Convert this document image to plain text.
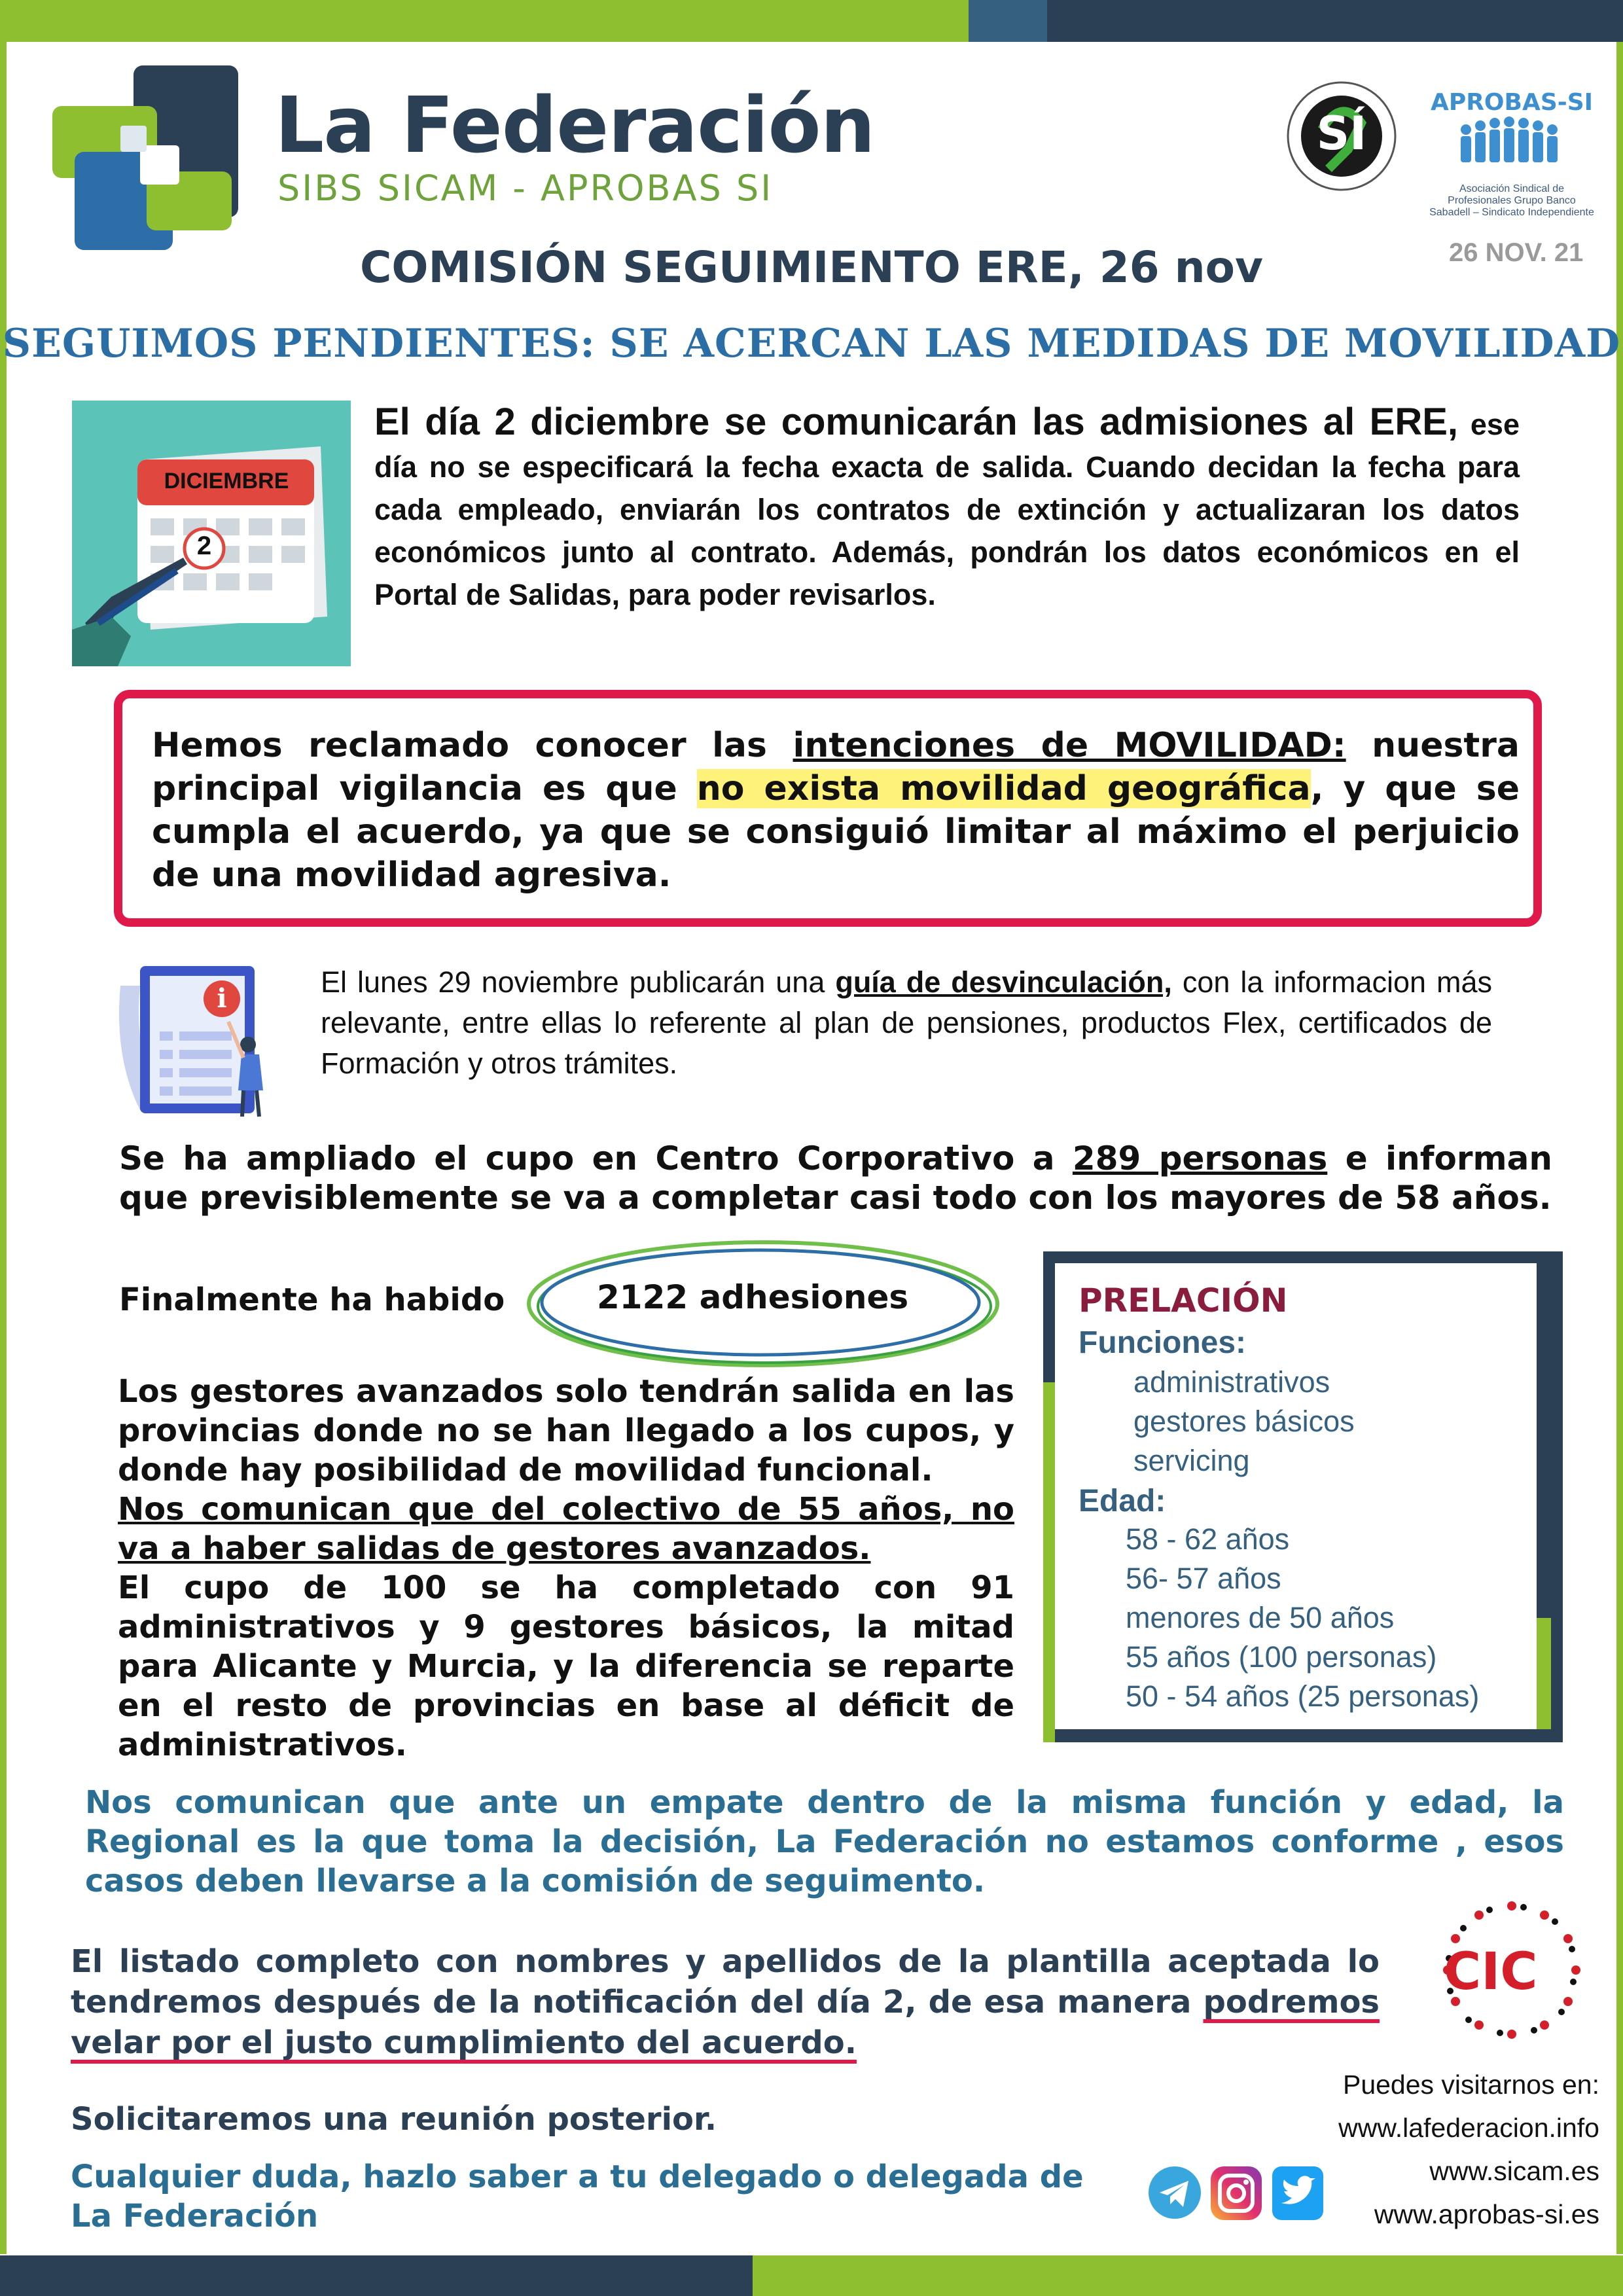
La Federación
SIBS SICAM - APROBAS SI
SÍ
APROBAS-SI
Asociación Sindical de Profesionales Grupo Banco Sabadell – Sindicato Independiente
26 NOV. 21
COMISIÓN SEGUIMIENTO ERE, 26 nov
SEGUIMOS PENDIENTES: SE ACERCAN LAS MEDIDAS DE MOVILIDAD
DICIEMBRE
2
El día 2 diciembre se comunicarán las admisiones al ERE, ese día no se especificará la fecha exacta de salida. Cuando decidan la fecha para cada empleado, enviarán los contratos de extinción y actualizaran los datos económicos junto al contrato. Además, pondrán los datos económicos en el Portal de Salidas, para poder revisarlos.
Hemos reclamado conocer las intenciones de MOVILIDAD: nuestra principal vigilancia es que no exista movilidad geográfica, y que se cumpla el acuerdo, ya que se consiguió limitar al máximo el perjuicio de una movilidad agresiva.
i	El lunes 29 noviembre publicarán una guía de desvinculación, con la informacion más relevante, entre ellas lo referente al plan de pensiones, productos Flex, certificados de Formación y otros trámites.
Se ha ampliado el cupo en Centro Corporativo a 289 personas e informan que previsiblemente se va a completar casi todo con los mayores de 58 años.
Finalmente ha habido	2122 adhesiones
Los gestores avanzados solo tendrán salida en las provincias donde no se han llegado a los cupos, y donde hay posibilidad de movilidad funcional.
Nos comunican que del colectivo de 55 años, no va a haber salidas de gestores avanzados.
El cupo de 100 se ha completado con 91 administrativos y 9 gestores básicos, la mitad para Alicante y Murcia, y la diferencia se reparte en el resto de provincias en base al déficit de administrativos.
PRELACIÓN
Funciones:
administrativos
gestores básicos
servicing
Edad:
58 - 62 años
56- 57 años
menores de 50 años
55 años (100 personas)
50 - 54 años (25 personas)
Nos comunican que ante un empate dentro de la misma función y edad, la Regional es la que toma la decisión, La Federación no estamos conforme , esos casos deben llevarse a la comisión de seguimento.
El listado completo con nombres y apellidos de la plantilla aceptada lo tendremos después de la notificación del día 2, de esa manera podremos velar por el justo cumplimiento del acuerdo.
CIC
Solicitaremos una reunión posterior.
Cualquier duda, hazlo saber a tu delegado o delegada de La Federación
Puedes visitarnos en:
www.lafederacion.info
www.sicam.es
www.aprobas-si.es
